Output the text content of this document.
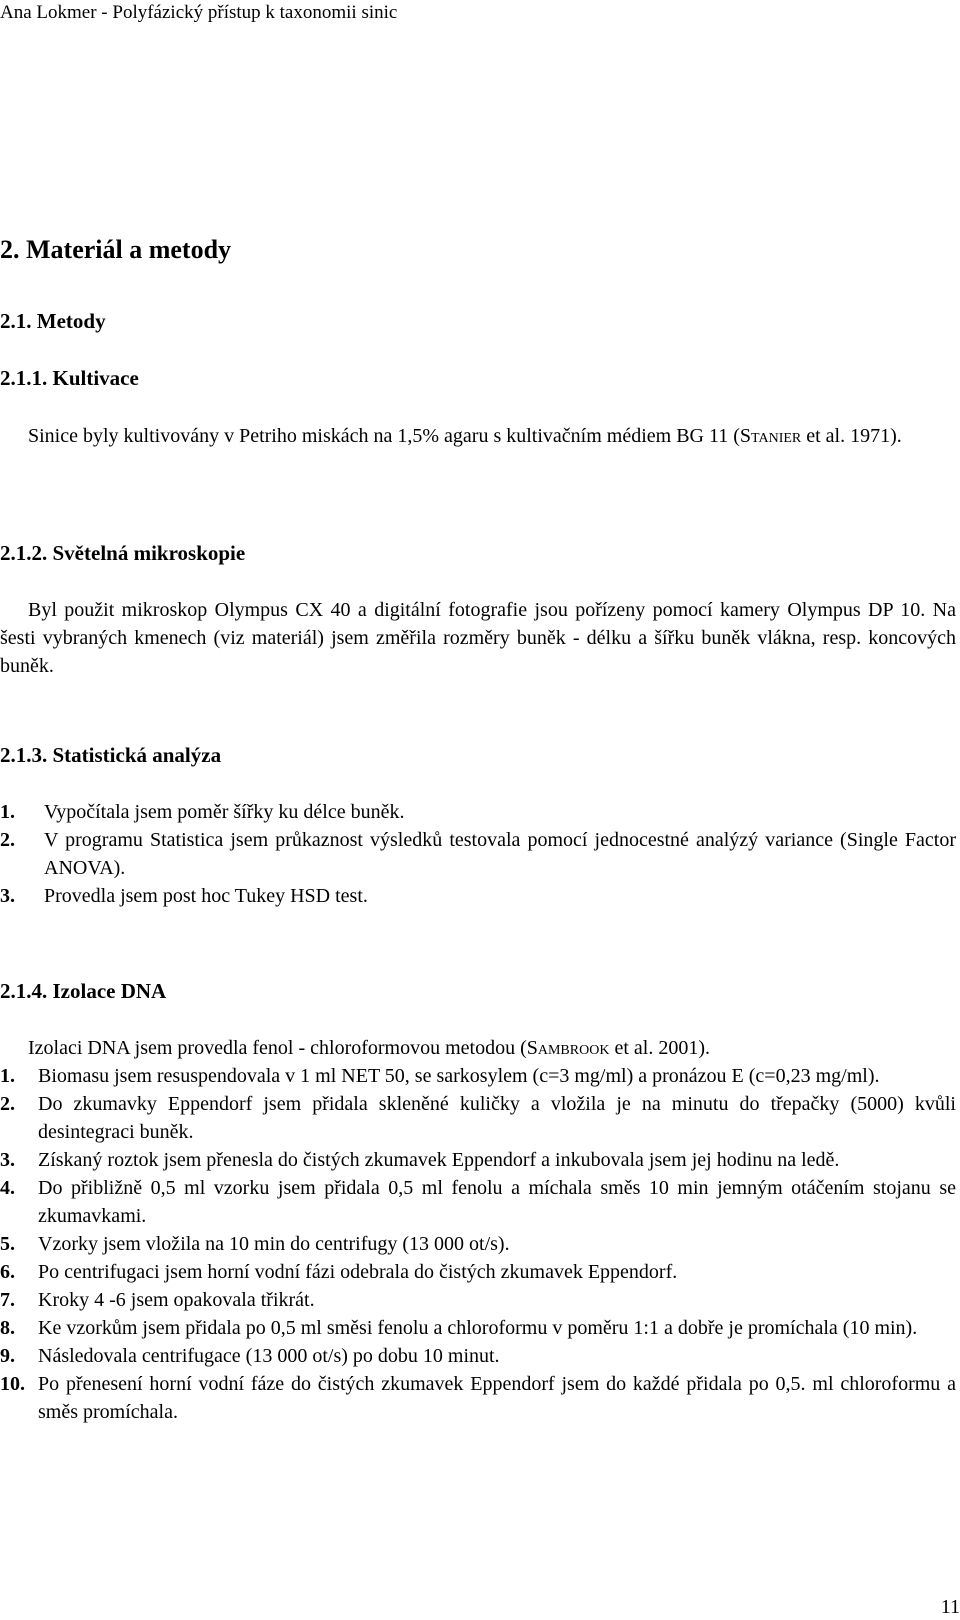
Ana Lokmer - Polyfázický přístup k taxonomii sinic
2. Materiál a metody
2.1. Metody
2.1.1. Kultivace
Sinice byly kultivovány v Petriho miskách na 1,5% agaru s kultivačním médiem BG 11 (Stanier et al. 1971).
2.1.2. Světelná mikroskopie
Byl použit mikroskop Olympus CX 40 a digitální fotografie jsou pořízeny pomocí kamery Olympus DP 10. Na šesti vybraných kmenech (viz materiál) jsem změřila rozměry buněk - délku a šířku buněk vlákna, resp. koncových buněk.
2.1.3. Statistická analýza
1. Vypočítala jsem poměr šířky ku délce buněk.
2. V programu Statistica jsem průkaznost výsledků testovala pomocí jednocestné analýzý variance (Single Factor ANOVA).
3. Provedla jsem post hoc Tukey HSD test.
2.1.4. Izolace DNA
Izolaci DNA jsem provedla fenol - chloroformovou metodou (Sambrook et al. 2001).
1. Biomasu jsem resuspendovala v 1 ml NET 50, se sarkosylem (c=3 mg/ml) a pronázou E (c=0,23 mg/ml).
2. Do zkumavky Eppendorf jsem přidala skleněné kuličky a vložila je na minutu do třepačky (5000) kvůli desintegraci buněk.
3. Získaný roztok jsem přenesla do čistých zkumavek Eppendorf a inkubovala jsem jej hodinu na ledě.
4. Do přibližně 0,5 ml vzorku jsem přidala 0,5 ml fenolu a míchala směs 10 min jemným otáčením stojanu se zkumavkami.
5. Vzorky jsem vložila na 10 min do centrifugy (13 000 ot/s).
6. Po centrifugaci jsem horní vodní fázi odebrala do čistých zkumavek Eppendorf.
7. Kroky 4 -6 jsem opakovala třikrát.
8. Ke vzorkům jsem přidala po 0,5 ml směsi fenolu a chloroformu v poměru 1:1 a dobře je promíchala (10 min).
9. Následovala centrifugace (13 000 ot/s) po dobu 10 minut.
10. Po přenesení horní vodní fáze do čistých zkumavek Eppendorf jsem do každé přidala po 0,5. ml chloroformu a směs promíchala.
11
